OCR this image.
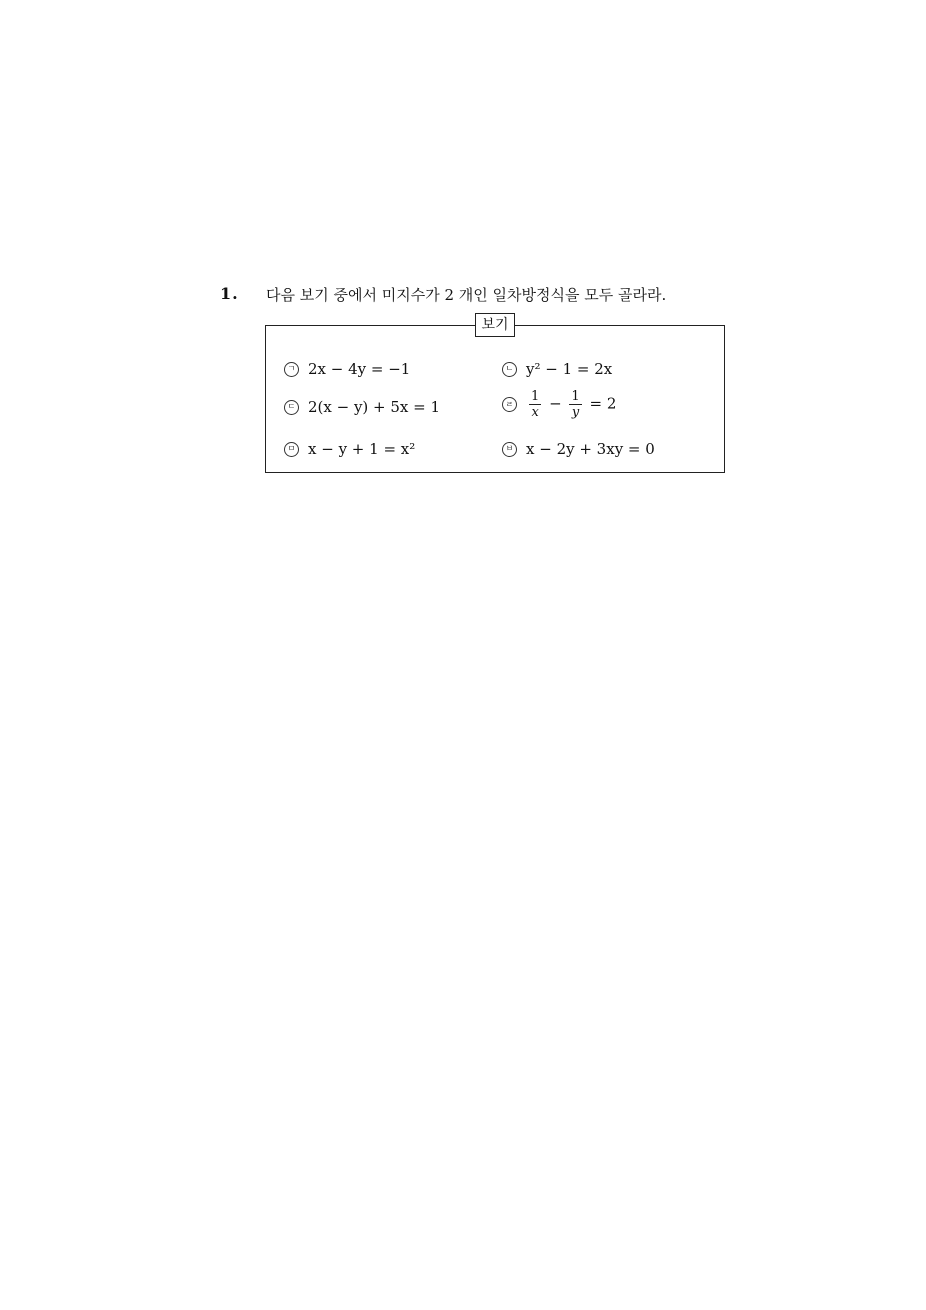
1. 다음 보기 중에서 미지수가 2 개인 일차방정식을 모두 골라라.
보기
ㄱ 2x − 4y = −1	ㄴ y² − 1 = 2x
ㄷ 2(x − y) + 5x = 1	ㄹ $\frac{1}{x} - \frac{1}{y} = 2$
ㅁ x − y + 1 = x²	ㅂ x − 2y + 3xy = 0
